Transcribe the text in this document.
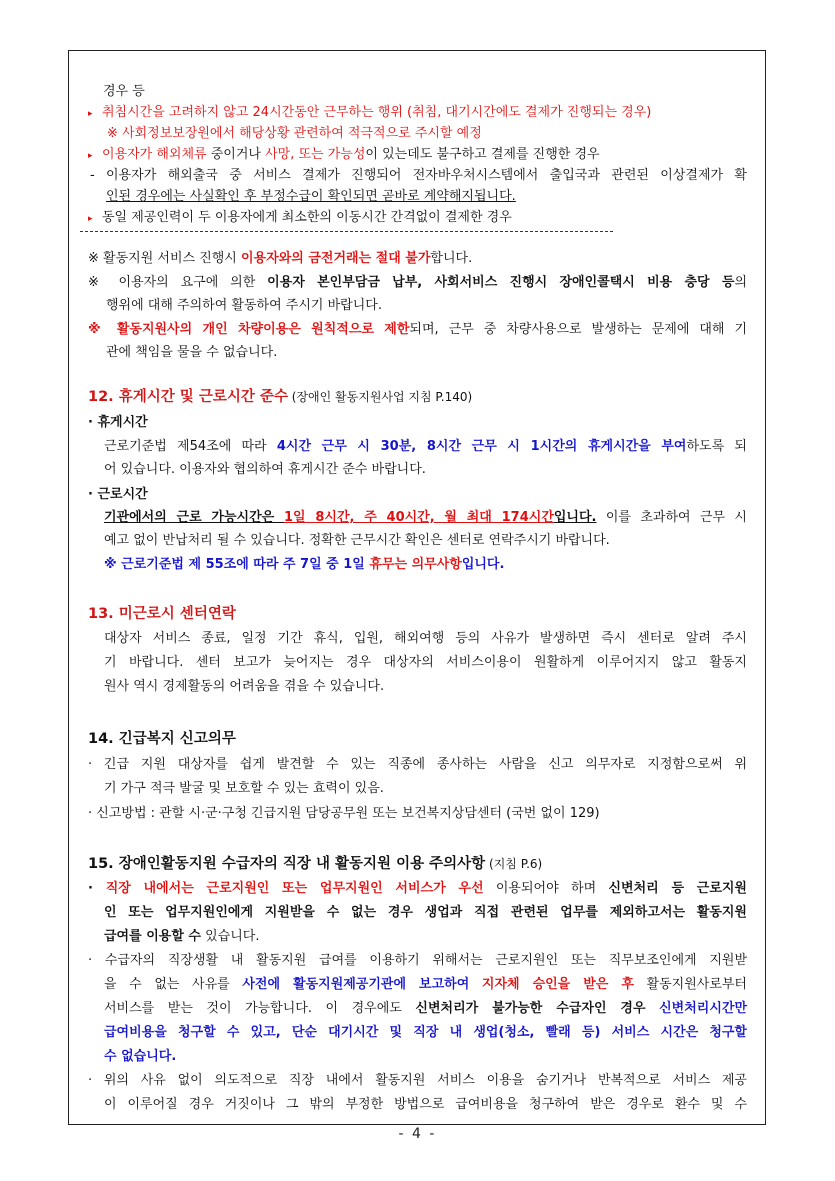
경우 등
▸ 취침시간을 고려하지 않고 24시간동안 근무하는 행위 (취침, 대기시간에도 결제가 진행되는 경우)
※ 사회정보보장원에서 해당상황 관련하여 적극적으로 주시할 예정
▸ 이용자가 해외체류 중이거나 사망, 또는 가능성이 있는데도 불구하고 결제를 진행한 경우
- 이용자가 해외출국 중 서비스 결제가 진행되어 전자바우처시스템에서 출입국과 관련된 이상결제가 확
인된 경우에는 사실확인 후 부정수급이 확인되면 곧바로 계약해지됩니다.
▸ 동일 제공인력이 두 이용자에게 최소한의 이동시간 간격없이 결제한 경우
※ 활동지원 서비스 진행시 이용자와의 금전거래는 절대 불가합니다.
※ 이용자의 요구에 의한 이용자 본인부담금 납부, 사회서비스 진행시 장애인콜택시 비용 충당 등의
행위에 대해 주의하여 활동하여 주시기 바랍니다.
※ 활동지원사의 개인 차량이용은 원칙적으로 제한되며, 근무 중 차량사용으로 발생하는 문제에 대해 기
관에 책임을 물을 수 없습니다.
12. 휴게시간 및 근로시간 준수 (장애인 활동지원사업 지침 P.140)
· 휴게시간
근로기준법 제54조에 따라 4시간 근무 시 30분, 8시간 근무 시 1시간의 휴게시간을 부여하도록 되
어 있습니다. 이용자와 협의하여 휴게시간 준수 바랍니다.
· 근로시간
기관에서의 근로 가능시간은 1일 8시간, 주 40시간, 월 최대 174시간입니다. 이를 초과하여 근무 시
예고 없이 반납처리 될 수 있습니다. 정확한 근무시간 확인은 센터로 연락주시기 바랍니다.
※ 근로기준법 제 55조에 따라 주 7일 중 1일 휴무는 의무사항입니다.
13. 미근로시 센터연락
대상자 서비스 종료, 일정 기간 휴식, 입원, 해외여행 등의 사유가 발생하면 즉시 센터로 알려 주시
기 바랍니다. 센터 보고가 늦어지는 경우 대상자의 서비스이용이 원활하게 이루어지지 않고 활동지
원사 역시 경제활동의 어려움을 겪을 수 있습니다.
14. 긴급복지 신고의무
· 긴급 지원 대상자를 쉽게 발견할 수 있는 직종에 종사하는 사람을 신고 의무자로 지정함으로써 위
기 가구 적극 발굴 및 보호할 수 있는 효력이 있음.
· 신고방법 : 관할 시·군·구청 긴급지원 담당공무원 또는 보건복지상담센터 (국번 없이 129)
15. 장애인활동지원 수급자의 직장 내 활동지원 이용 주의사항 (지침 P.6)
· 직장 내에서는 근로지원인 또는 업무지원인 서비스가 우선 이용되어야 하며 신변처리 등 근로지원
인 또는 업무지원인에게 지원받을 수 없는 경우 생업과 직접 관련된 업무를 제외하고서는 활동지원
급여를 이용할 수 있습니다.
· 수급자의 직장생활 내 활동지원 급여를 이용하기 위해서는 근로지원인 또는 직무보조인에게 지원받
을 수 없는 사유를 사전에 활동지원제공기관에 보고하여 지자체 승인을 받은 후 활동지원사로부터
서비스를 받는 것이 가능합니다. 이 경우에도 신변처리가 불가능한 수급자인 경우 신변처리시간만
급여비용을 청구할 수 있고, 단순 대기시간 및 직장 내 생업(청소, 빨래 등) 서비스 시간은 청구할
수 없습니다.
· 위의 사유 없이 의도적으로 직장 내에서 활동지원 서비스 이용을 숨기거나 반복적으로 서비스 제공
이 이루어질 경우 거짓이나 그 밖의 부정한 방법으로 급여비용을 청구하여 받은 경우로 환수 및 수
- 4 -
